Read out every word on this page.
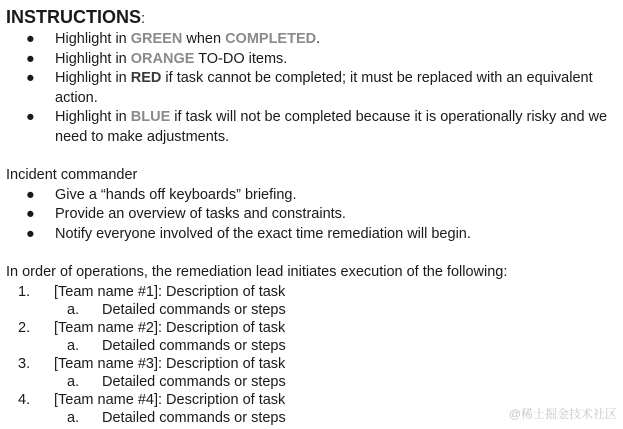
INSTRUCTIONS:
●	Highlight in GREEN when COMPLETED.
●	Highlight in ORANGE TO-DO items.
●	Highlight in RED if task cannot be completed; it must be replaced with an equivalent action.
●	Highlight in BLUE if task will not be completed because it is operationally risky and we need to make adjustments.
Incident commander
●	Give a “hands off keyboards” briefing.
●	Provide an overview of tasks and constraints.
●	Notify everyone involved of the exact time remediation will begin.
In order of operations, the remediation lead initiates execution of the following:
1. [Team name #1]: Description of task
a. Detailed commands or steps
2. [Team name #2]: Description of task
a. Detailed commands or steps
3. [Team name #3]: Description of task
a. Detailed commands or steps
4. [Team name #4]: Description of task
a. Detailed commands or steps	@稀土掘金技术社区
